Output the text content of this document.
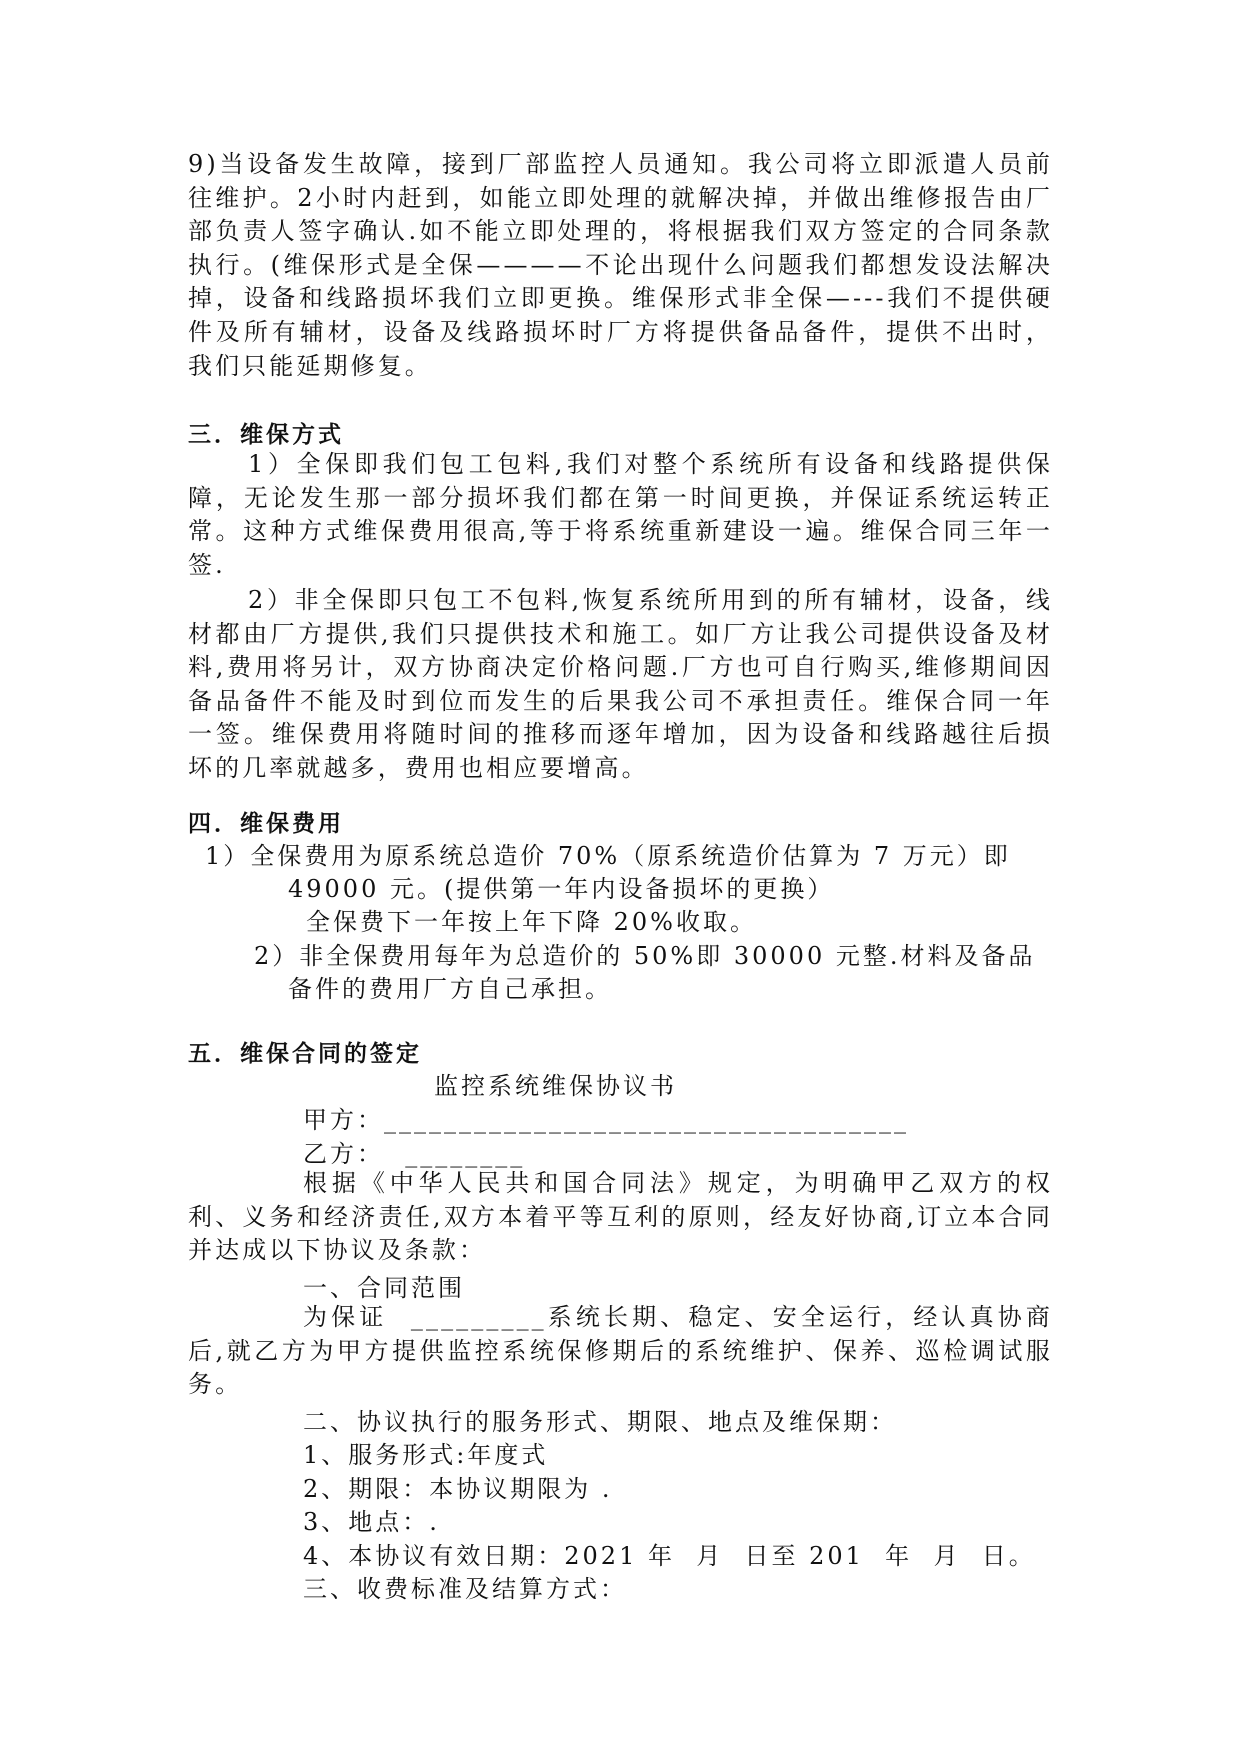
9)当设备发生故障，接到厂部监控人员通知。我公司将立即派遣人员前往维护。2小时内赶到，如能立即处理的就解决掉，并做出维修报告由厂部负责人签字确认.如不能立即处理的，将根据我们双方签定的合同条款执行。(维保形式是全保————不论出现什么问题我们都想发设法解决掉，设备和线路损坏我们立即更换。维保形式非全保—---我们不提供硬件及所有辅材，设备及线路损坏时厂方将提供备品备件，提供不出时，我们只能延期修复。

三．维保方式

1）全保即我们包工包料,我们对整个系统所有设备和线路提供保障，无论发生那一部分损坏我们都在第一时间更换，并保证系统运转正常。这种方式维保费用很高,等于将系统重新建设一遍。维保合同三年一签.

2）非全保即只包工不包料,恢复系统所用到的所有辅材，设备，线材都由厂方提供,我们只提供技术和施工。如厂方让我公司提供设备及材料,费用将另计，双方协商决定价格问题.厂方也可自行购买,维修期间因备品备件不能及时到位而发生的后果我公司不承担责任。维保合同一年一签。维保费用将随时间的推移而逐年增加，因为设备和线路越往后损坏的几率就越多，费用也相应要增高。

四．维保费用

1）全保费用为原系统总造价 70%（原系统造价估算为 7 万元）即

49000 元。(提供第一年内设备损坏的更换）

全保费下一年按上年下降 20%收取。

2）非全保费用每年为总造价的 50%即 30000 元整.材料及备品

备件的费用厂方自己承担。

五．维保合同的签定

监控系统维保协议书

甲方：___________________________________

乙方：  ________

根据《中华人民共和国合同法》规定，为明确甲乙双方的权利、义务和经济责任,双方本着平等互利的原则，经友好协商,订立本合同并达成以下协议及条款：

一、合同范围

为保证  _________系统长期、稳定、安全运行，经认真协商后,就乙方为甲方提供监控系统保修期后的系统维护、保养、巡检调试服务。

二、协议执行的服务形式、期限、地点及维保期：

1、服务形式:年度式

2、期限：本协议期限为 .

3、地点：.

4、本协议有效日期：2021 年  月  日至 201  年  月  日。

三、收费标准及结算方式：
